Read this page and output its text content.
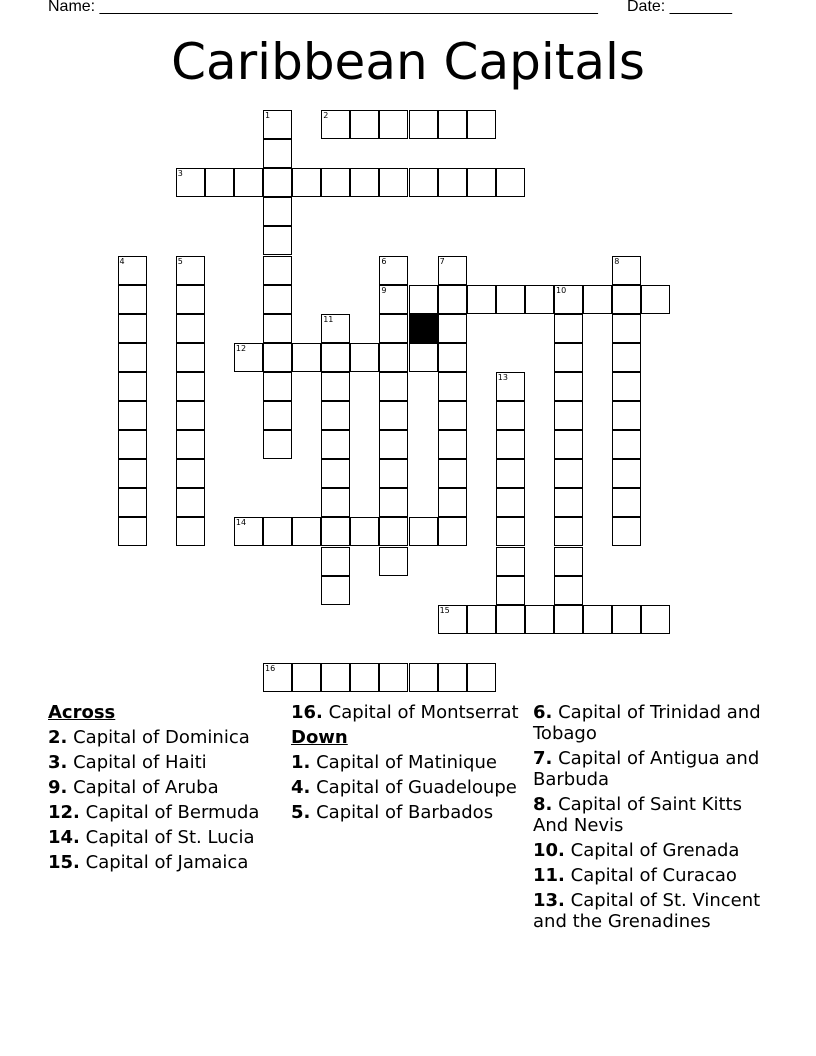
Name: ________________________________________________________ Date: _______
Caribbean Capitals
1	2
3
4	5	6
9
7	8
10
11
12
13
14
15
16
Across
2. Capital of Dominica
3. Capital of Haiti
9. Capital of Aruba
12. Capital of Bermuda
14. Capital of St. Lucia
15. Capital of Jamaica
16. Capital of Montserrat
Down
1. Capital of Matinique
4. Capital of Guadeloupe
5. Capital of Barbados
6. Capital of Trinidad and Tobago
7. Capital of Antigua and Barbuda
8. Capital of Saint Kitts And Nevis
10. Capital of Grenada
11. Capital of Curacao
13. Capital of St. Vincent and the Grenadines
